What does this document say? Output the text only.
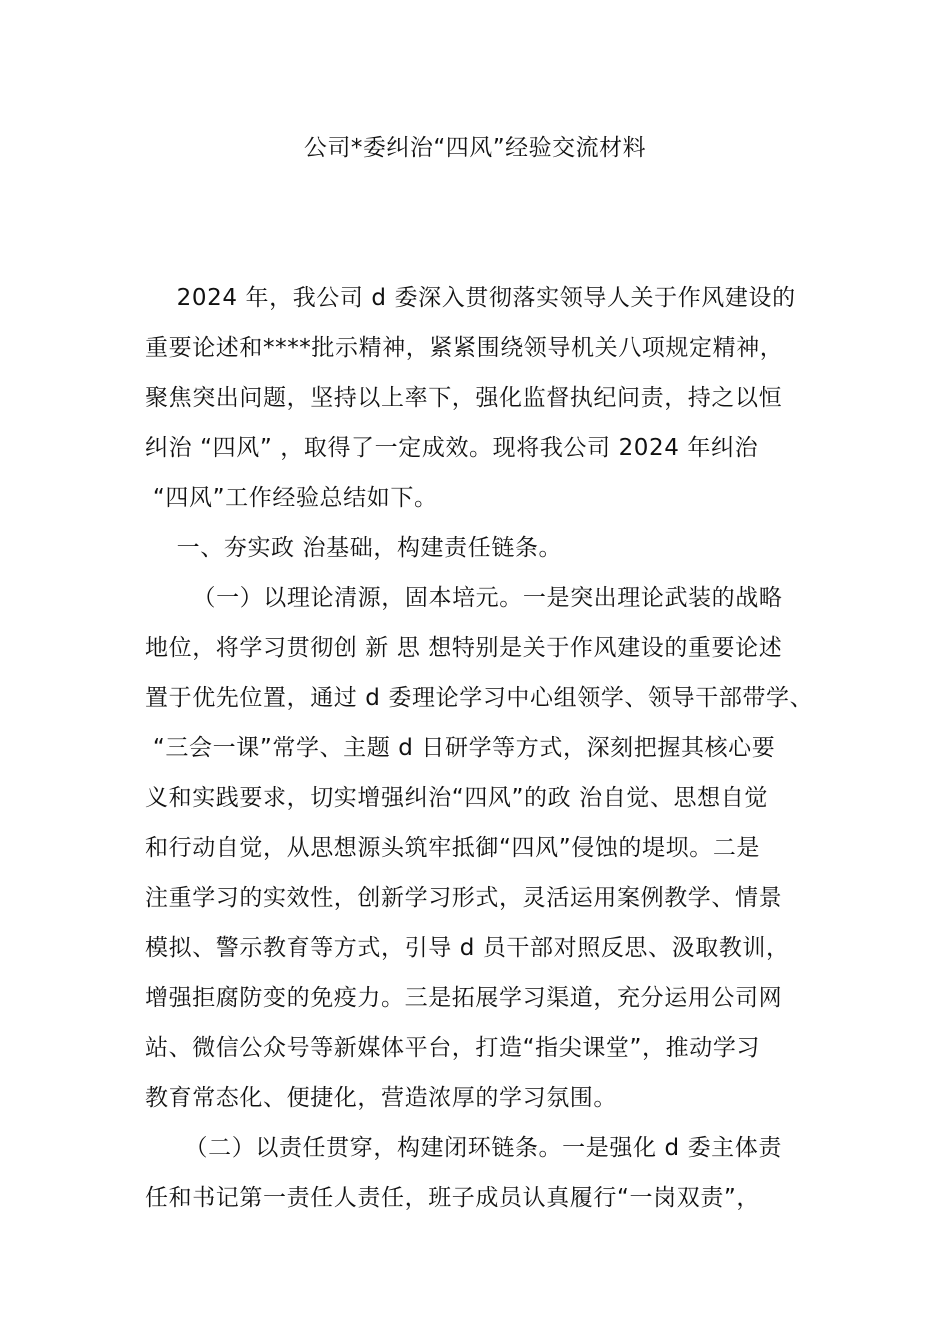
公司*委纠治“四风”经验交流材料
2024 年，我公司 d 委深入贯彻落实领导人关于作风建设的
重要论述和****批示精神，紧紧围绕领导机关八项规定精神，
聚焦突出问题，坚持以上率下，强化监督执纪问责，持之以恒
纠治 “四风” ，取得了一定成效。现将我公司 2024 年纠治
“四风”工作经验总结如下。
一、夯实政 治基础，构建责任链条。
（一）以理论清源，固本培元。一是突出理论武装的战略
地位，将学习贯彻创 新 思 想特别是关于作风建设的重要论述
置于优先位置，通过 d 委理论学习中心组领学、领导干部带学、
“三会一课”常学、主题 d 日研学等方式，深刻把握其核心要
义和实践要求，切实增强纠治“四风”的政 治自觉、思想自觉
和行动自觉，从思想源头筑牢抵御“四风”侵蚀的堤坝。二是
注重学习的实效性，创新学习形式，灵活运用案例教学、情景
模拟、警示教育等方式，引导 d 员干部对照反思、汲取教训，
增强拒腐防变的免疫力。三是拓展学习渠道，充分运用公司网
站、微信公众号等新媒体平台，打造“指尖课堂”，推动学习
教育常态化、便捷化，营造浓厚的学习氛围。
（二）以责任贯穿，构建闭环链条。一是强化 d 委主体责
任和书记第一责任人责任，班子成员认真履行“一岗双责”，
